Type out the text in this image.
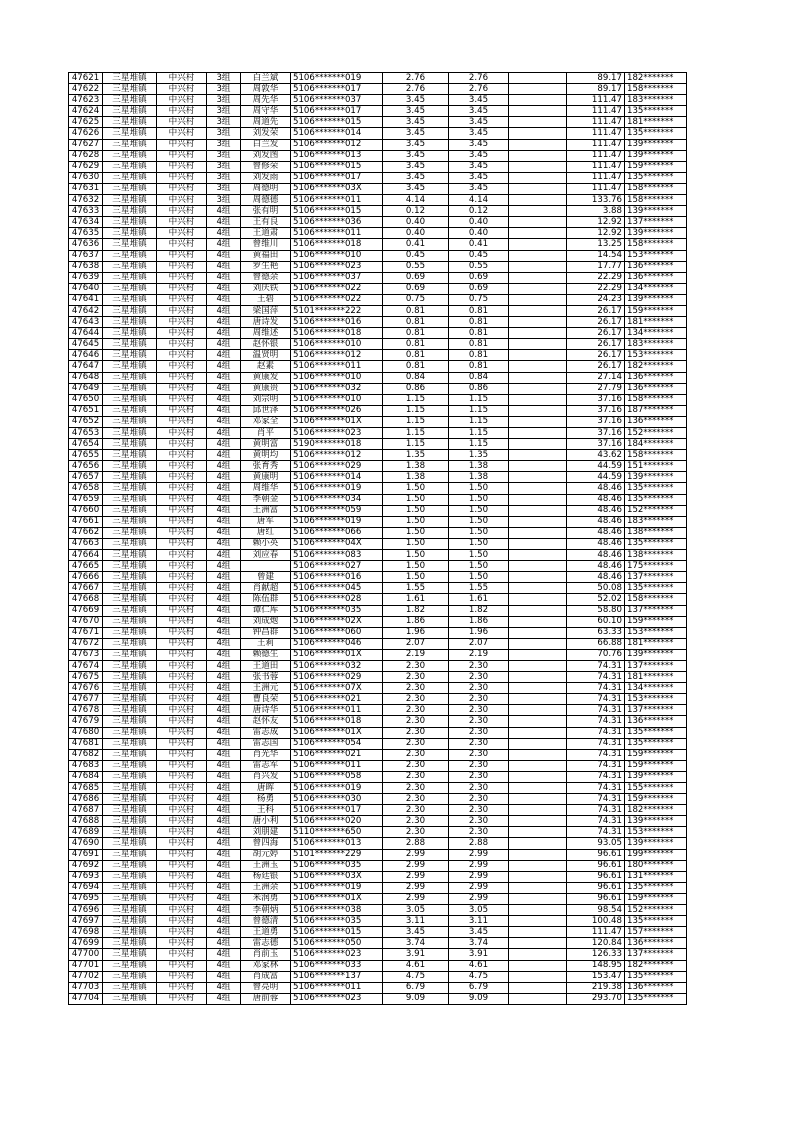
47621	三星堆镇	中兴村	3组	白兰斌	5106*******019	2.76	2.76		89.17	182*******
47622	三星堆镇	中兴村	3组	周敦华	5106*******017	2.76	2.76		89.17	158*******
47623	三星堆镇	中兴村	3组	周先华	5106*******037	3.45	3.45		111.47	183*******
47624	三星堆镇	中兴村	3组	周守华	5106*******017	3.45	3.45		111.47	135*******
47625	三星堆镇	中兴村	3组	周道先	5106*******015	3.45	3.45		111.47	181*******
47626	三星堆镇	中兴村	3组	刘发荣	5106*******014	3.45	3.45		111.47	135*******
47627	三星堆镇	中兴村	3组	白兰发	5106*******012	3.45	3.45		111.47	139*******
47628	三星堆镇	中兴村	3组	刘发图	5106*******013	3.45	3.45		111.47	139*******
47629	三星堆镇	中兴村	3组	曾修荣	5106*******015	3.45	3.45		111.47	159*******
47630	三星堆镇	中兴村	3组	刘发雨	5106*******017	3.45	3.45		111.47	135*******
47631	三星堆镇	中兴村	3组	周德明	5106*******03X	3.45	3.45		111.47	158*******
47632	三星堆镇	中兴村	3组	周德德	5106*******011	4.14	4.14		133.76	158*******
47633	三星堆镇	中兴村	4组	张有明	5106*******015	0.12	0.12		3.88	139*******
47634	三星堆镇	中兴村	4组	王有良	5106*******036	0.40	0.40		12.92	137*******
47635	三星堆镇	中兴村	4组	王道肃	5106*******011	0.40	0.40		12.92	139*******
47636	三星堆镇	中兴村	4组	曾维川	5106*******018	0.41	0.41		13.25	158*******
47637	三星堆镇	中兴村	4组	黄福田	5106*******010	0.45	0.45		14.54	153*******
47638	三星堆镇	中兴村	4组	罗生艳	5106*******023	0.55	0.55		17.77	136*******
47639	三星堆镇	中兴村	4组	曾德余	5106*******037	0.69	0.69		22.29	136*******
47640	三星堆镇	中兴村	4组	刘庆铁	5106*******022	0.69	0.69		22.29	134*******
47641	三星堆镇	中兴村	4组	王碧	5106*******022	0.75	0.75		24.23	139*******
47642	三星堆镇	中兴村	4组	梁国萍	5101*******222	0.81	0.81		26.17	159*******
47643	三星堆镇	中兴村	4组	唐诗发	5106*******016	0.81	0.81		26.17	181*******
47644	三星堆镇	中兴村	4组	周维述	5106*******018	0.81	0.81		26.17	134*******
47645	三星堆镇	中兴村	4组	赵怀银	5106*******010	0.81	0.81		26.17	183*******
47646	三星堆镇	中兴村	4组	温贤明	5106*******012	0.81	0.81		26.17	153*******
47647	三星堆镇	中兴村	4组	赵素	5106*******011	0.81	0.81		26.17	182*******
47648	三星堆镇	中兴村	4组	黄康发	5106*******010	0.84	0.84		27.14	136*******
47649	三星堆镇	中兴村	4组	黄康贵	5106*******032	0.86	0.86		27.79	136*******
47650	三星堆镇	中兴村	4组	刘宗明	5106*******010	1.15	1.15		37.16	158*******
47651	三星堆镇	中兴村	4组	邱世泽	5106*******026	1.15	1.15		37.16	187*******
47652	三星堆镇	中兴村	4组	邓家全	5106*******01X	1.15	1.15		37.16	136*******
47653	三星堆镇	中兴村	4组	肖平	5106*******023	1.15	1.15		37.16	152*******
47654	三星堆镇	中兴村	4组	黄明富	5190*******018	1.15	1.15		37.16	184*******
47655	三星堆镇	中兴村	4组	黄明均	5106*******012	1.35	1.35		43.62	158*******
47656	三星堆镇	中兴村	4组	张育秀	5106*******029	1.38	1.38		44.59	151*******
47657	三星堆镇	中兴村	4组	黄康明	5106*******014	1.38	1.38		44.59	139*******
47658	三星堆镇	中兴村	4组	周维华	5106*******019	1.50	1.50		48.46	135*******
47659	三星堆镇	中兴村	4组	李朝金	5106*******034	1.50	1.50		48.46	135*******
47660	三星堆镇	中兴村	4组	王洲富	5106*******059	1.50	1.50		48.46	152*******
47661	三星堆镇	中兴村	4组	唐军	5106*******019	1.50	1.50		48.46	183*******
47662	三星堆镇	中兴村	4组	唐红	5106*******066	1.50	1.50		48.46	138*******
47663	三星堆镇	中兴村	4组	赖小英	5106*******04X	1.50	1.50		48.46	135*******
47664	三星堆镇	中兴村	4组	刘应春	5106*******083	1.50	1.50		48.46	138*******
47665	三星堆镇	中兴村	4组		5106*******027	1.50	1.50		48.46	175*******
47666	三星堆镇	中兴村	4组	曾建	5106*******016	1.50	1.50		48.46	137*******
47667	三星堆镇	中兴村	4组	肖献超	5106*******045	1.55	1.55		50.08	135*******
47668	三星堆镇	中兴村	4组	陈伍群	5106*******028	1.61	1.61		52.02	158*******
47669	三星堆镇	中兴村	4组	谭仁库	5106*******035	1.82	1.82		58.80	137*******
47670	三星堆镇	中兴村	4组	刘成炮	5106*******02X	1.86	1.86		60.10	159*******
47671	三星堆镇	中兴村	4组	钟昌群	5106*******060	1.96	1.96		63.33	153*******
47672	三星堆镇	中兴村	4组	王莉	5106*******046	2.07	2.07		66.88	181*******
47673	三星堆镇	中兴村	4组	赖德生	5106*******01X	2.19	2.19		70.76	139*******
47674	三星堆镇	中兴村	4组	王道田	5106*******032	2.30	2.30		74.31	137*******
47675	三星堆镇	中兴村	4组	张书蓉	5106*******029	2.30	2.30		74.31	181*******
47676	三星堆镇	中兴村	4组	王洲元	5106*******07X	2.30	2.30		74.31	134*******
47677	三星堆镇	中兴村	4组	曹良荣	5106*******021	2.30	2.30		74.31	153*******
47678	三星堆镇	中兴村	4组	唐诗华	5106*******011	2.30	2.30		74.31	137*******
47679	三星堆镇	中兴村	4组	赵怀友	5106*******018	2.30	2.30		74.31	136*******
47680	三星堆镇	中兴村	4组	雷志成	5106*******01X	2.30	2.30		74.31	135*******
47681	三星堆镇	中兴村	4组	雷志国	5106*******054	2.30	2.30		74.31	135*******
47682	三星堆镇	中兴村	4组	肖光华	5106*******021	2.30	2.30		74.31	159*******
47683	三星堆镇	中兴村	4组	雷志军	5106*******011	2.30	2.30		74.31	159*******
47684	三星堆镇	中兴村	4组	肖兴发	5106*******058	2.30	2.30		74.31	139*******
47685	三星堆镇	中兴村	4组	唐晖	5106*******019	2.30	2.30		74.31	155*******
47686	三星堆镇	中兴村	4组	杨勇	5106*******030	2.30	2.30		74.31	159*******
47687	三星堆镇	中兴村	4组	王科	5106*******017	2.30	2.30		74.31	182*******
47688	三星堆镇	中兴村	4组	唐小利	5106*******020	2.30	2.30		74.31	139*******
47689	三星堆镇	中兴村	4组	刘朋建	5110*******650	2.30	2.30		74.31	153*******
47690	三星堆镇	中兴村	4组	曾四海	5106*******013	2.88	2.88		93.05	139*******
47691	三星堆镇	中兴村	4组	胡元婷	5101*******229	2.99	2.99		96.61	199*******
47692	三星堆镇	中兴村	4组	王洲玉	5106*******035	2.99	2.99		96.61	180*******
47693	三星堆镇	中兴村	4组	杨廷银	5106*******03X	2.99	2.99		96.61	131*******
47694	三星堆镇	中兴村	4组	王洲余	5106*******019	2.99	2.99		96.61	135*******
47695	三星堆镇	中兴村	4组	米润勇	5106*******01X	2.99	2.99		96.61	159*******
47696	三星堆镇	中兴村	4组	李朝炳	5106*******038	3.05	3.05		98.54	152*******
47697	三星堆镇	中兴村	4组	曾德清	5106*******035	3.11	3.11		100.48	135*******
47698	三星堆镇	中兴村	4组	王道勇	5106*******015	3.45	3.45		111.47	157*******
47699	三星堆镇	中兴村	4组	雷志德	5106*******050	3.74	3.74		120.84	136*******
47700	三星堆镇	中兴村	4组	肖前玉	5106*******023	3.91	3.91		126.33	137*******
47701	三星堆镇	中兴村	4组	邓家林	5106*******033	4.61	4.61		148.95	182*******
47702	三星堆镇	中兴村	4组	肖成富	5106*******137	4.75	4.75		153.47	135*******
47703	三星堆镇	中兴村	4组	曾亮明	5106*******011	6.79	6.79		219.38	136*******
47704	三星堆镇	中兴村	4组	唐前蓉	5106*******023	9.09	9.09		293.70	135*******
